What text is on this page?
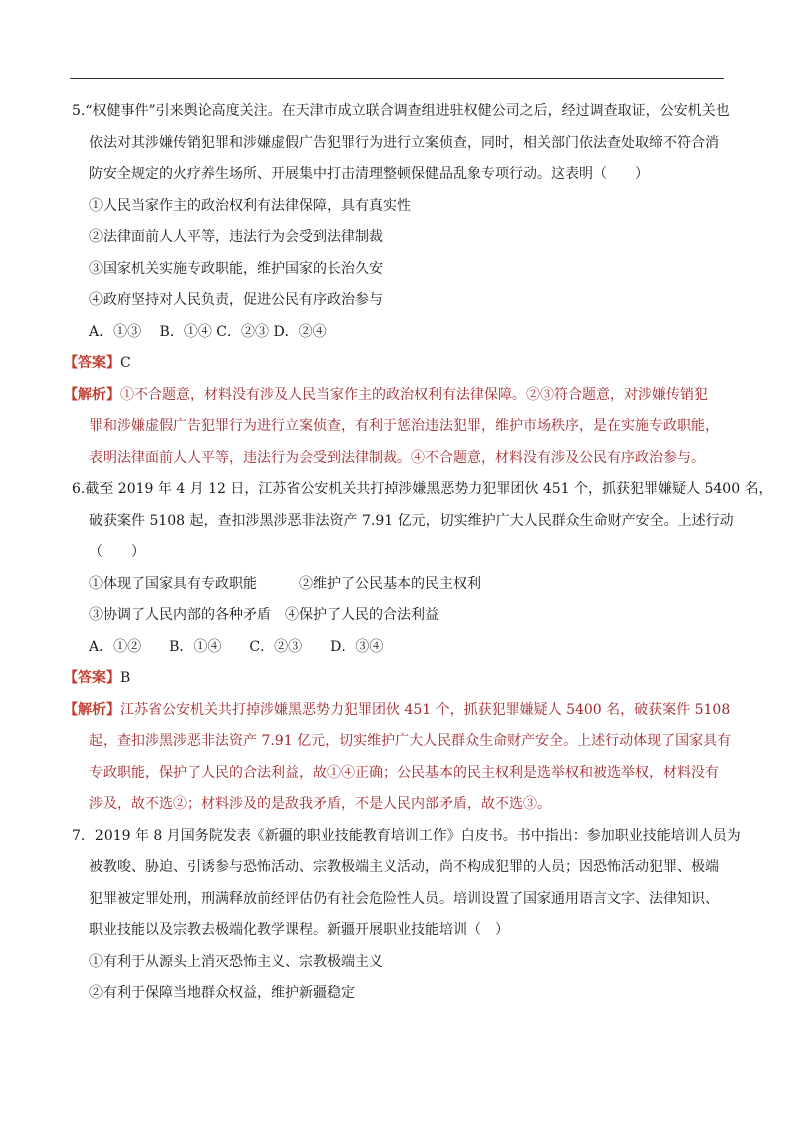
5.“权健事件”引来舆论高度关注。在天津市成立联合调查组进驻权健公司之后，经过调查取证，公安机关也
依法对其涉嫌传销犯罪和涉嫌虚假广告犯罪行为进行立案侦查，同时，相关部门依法查处取缔不符合消
防安全规定的火疗养生场所、开展集中打击清理整顿保健品乱象专项行动。这表明（　　）
①人民当家作主的政治权利有法律保障，具有真实性
②法律面前人人平等，违法行为会受到法律制裁
③国家机关实施专政职能，维护国家的长治久安
④政府坚持对人民负责，促进公民有序政治参与
A．①③　 B．①④ C．②③ D．②④
【答案】C
【解析】①不合题意，材料没有涉及人民当家作主的政治权利有法律保障。②③符合题意，对涉嫌传销犯
罪和涉嫌虚假广告犯罪行为进行立案侦查，有利于惩治违法犯罪，维护市场秩序，是在实施专政职能，
表明法律面前人人平等，违法行为会受到法律制裁。④不合题意，材料没有涉及公民有序政治参与。
6.截至 2019 年 4 月 12 日，江苏省公安机关共打掉涉嫌黑恶势力犯罪团伙 451 个，抓获犯罪嫌疑人 5400 名，
破获案件 5108 起，查扣涉黑涉恶非法资产 7.91 亿元，切实维护广大人民群众生命财产安全。上述行动
（　　）
①体现了国家具有专政职能　　　②维护了公民基本的民主权利
③协调了人民内部的各种矛盾　④保护了人民的合法利益
A．①②　　B．①④　　C．②③　　D．③④
【答案】B
【解析】江苏省公安机关共打掉涉嫌黑恶势力犯罪团伙 451 个，抓获犯罪嫌疑人 5400 名，破获案件 5108
起，查扣涉黑涉恶非法资产 7.91 亿元，切实维护广大人民群众生命财产安全。上述行动体现了国家具有
专政职能，保护了人民的合法利益，故①④正确；公民基本的民主权利是选举权和被选举权，材料没有
涉及，故不选②；材料涉及的是敌我矛盾，不是人民内部矛盾，故不选③。
7．2019 年 8 月国务院发表《新疆的职业技能教育培训工作》白皮书。书中指出：参加职业技能培训人员为
被教唆、胁迫、引诱参与恐怖活动、宗教极端主义活动，尚不构成犯罪的人员；因恐怖活动犯罪、极端
犯罪被定罪处刑，刑满释放前经评估仍有社会危险性人员。培训设置了国家通用语言文字、法律知识、
职业技能以及宗教去极端化教学课程。新疆开展职业技能培训（　）
①有利于从源头上消灭恐怖主义、宗教极端主义
②有利于保障当地群众权益，维护新疆稳定
